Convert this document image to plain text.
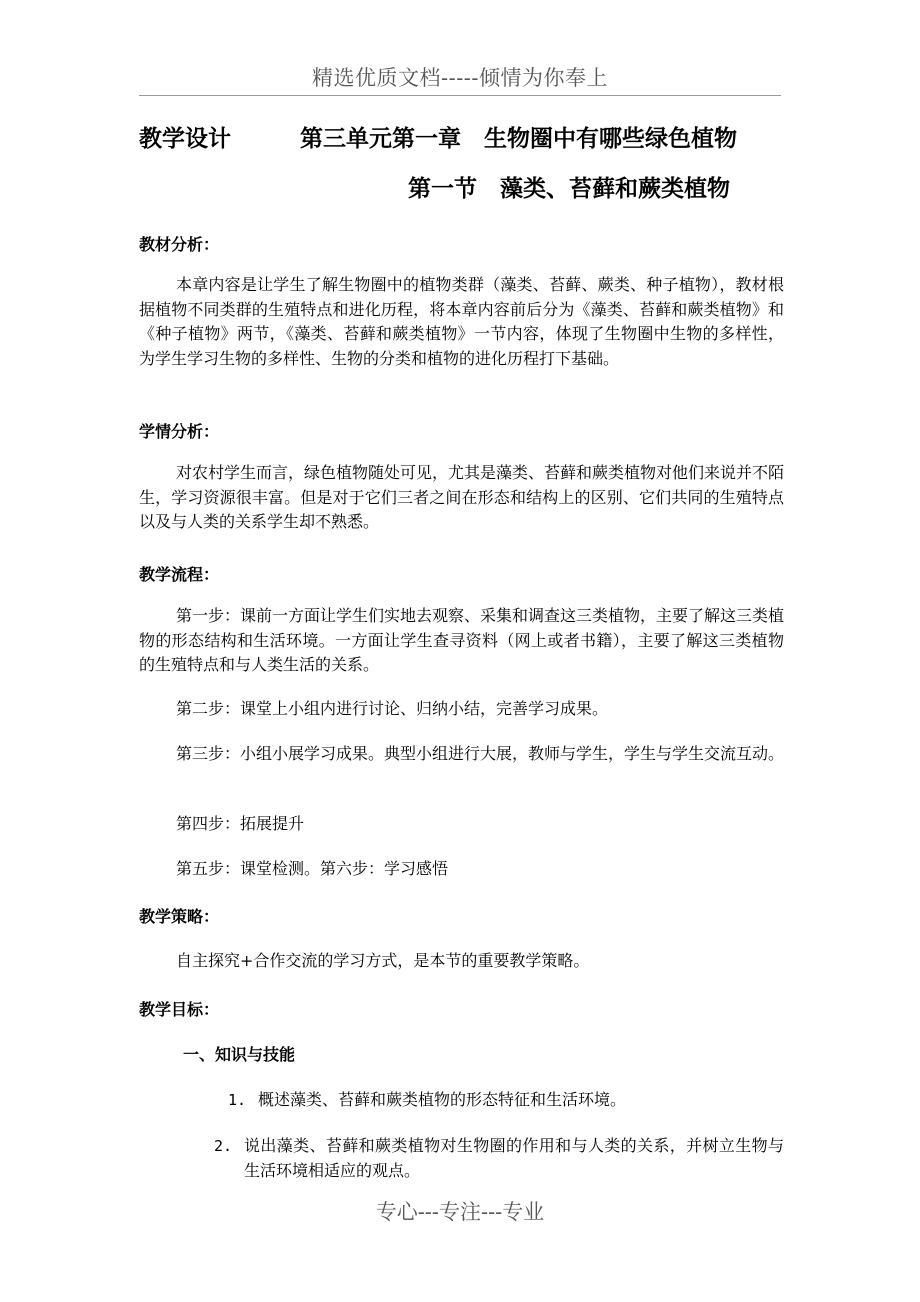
精选优质文档-----倾情为你奉上
教学设计	第三单元第一章　生物圈中有哪些绿色植物
第一节　藻类、苔藓和蕨类植物
教材分析：

本章内容是让学生了解生物圈中的植物类群（藻类、苔藓、蕨类、种子植物），教材根据植物不同类群的生殖特点和进化历程，将本章内容前后分为《藻类、苔藓和蕨类植物》和《种子植物》两节，《藻类、苔藓和蕨类植物》一节内容，体现了生物圈中生物的多样性，为学生学习生物的多样性、生物的分类和植物的进化历程打下基础。

学情分析：

对农村学生而言，绿色植物随处可见，尤其是藻类、苔藓和蕨类植物对他们来说并不陌生，学习资源很丰富。但是对于它们三者之间在形态和结构上的区别、它们共同的生殖特点以及与人类的关系学生却不熟悉。

教学流程：

第一步：课前一方面让学生们实地去观察、采集和调查这三类植物，主要了解这三类植物的形态结构和生活环境。一方面让学生查寻资料（网上或者书籍），主要了解这三类植物的生殖特点和与人类生活的关系。

第二步：课堂上小组内进行讨论、归纳小结，完善学习成果。

第三步：小组小展学习成果。典型小组进行大展，教师与学生，学生与学生交流互动。

第四步：拓展提升

第五步：课堂检测。第六步：学习感悟

教学策略：

自主探究+合作交流的学习方式，是本节的重要教学策略。

教学目标：
一、知识与技能
1. 概述藻类、苔藓和蕨类植物的形态特征和生活环境。
2. 说出藻类、苔藓和蕨类植物对生物圈的作用和与人类的关系，并树立生物与生活环境相适应的观点。
专心---专注---专业
